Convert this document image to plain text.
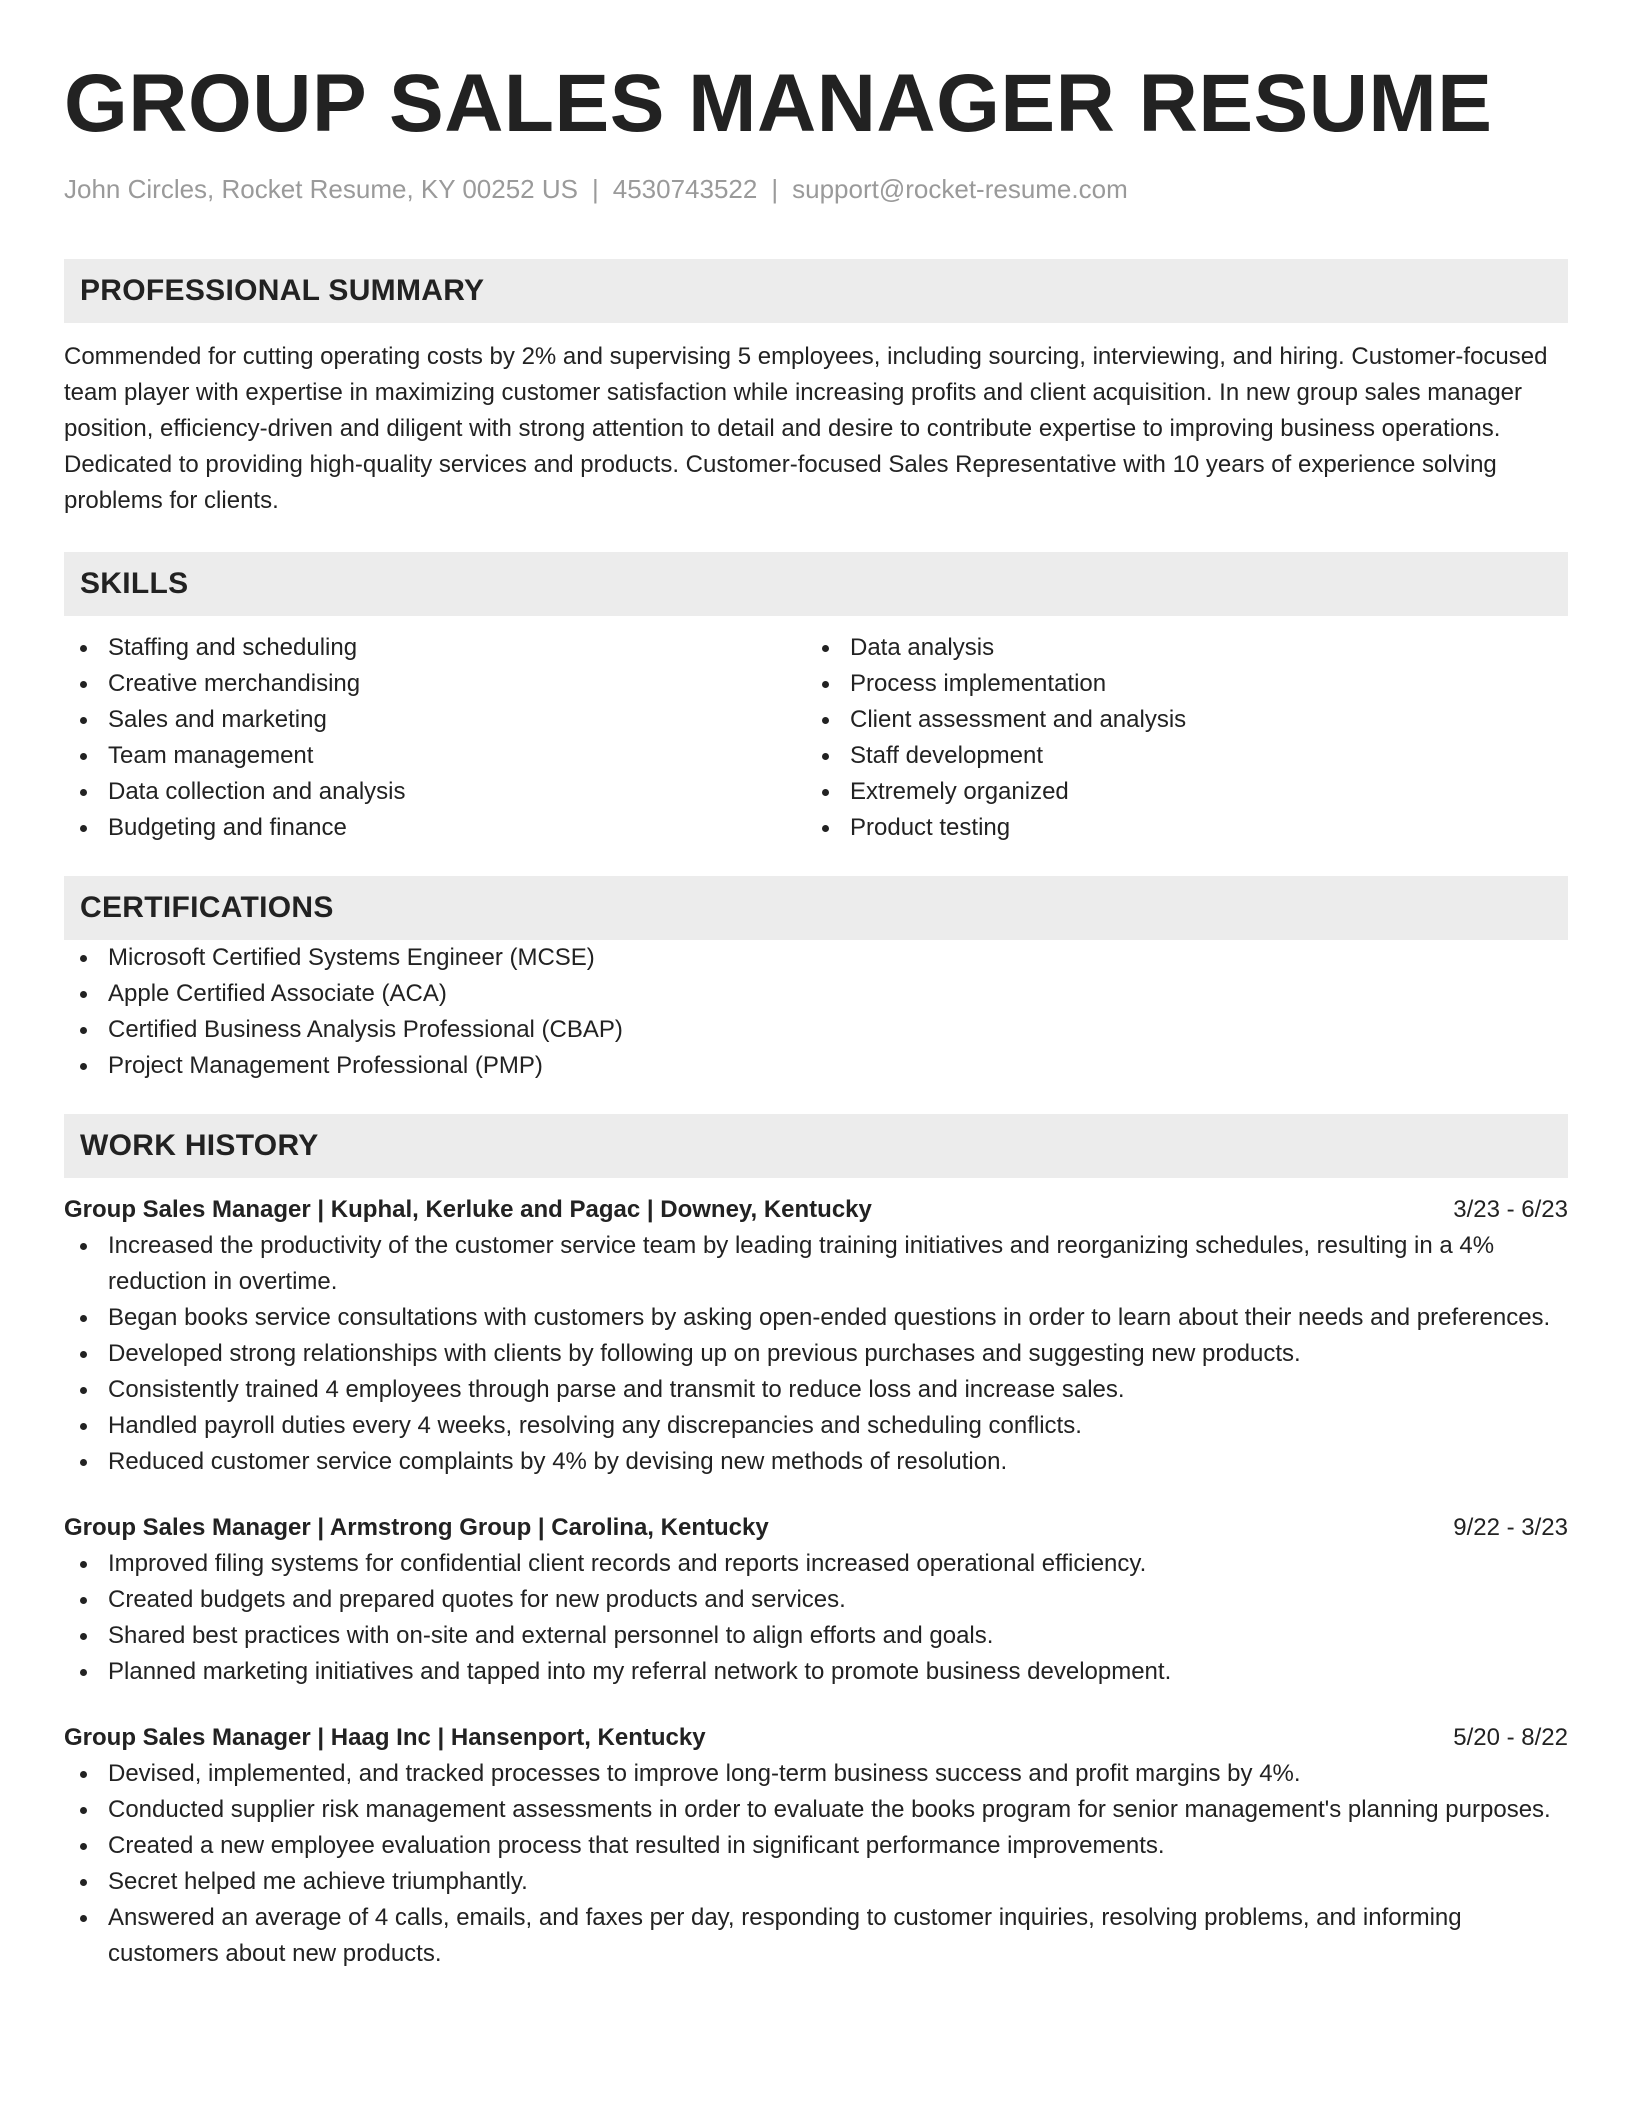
GROUP SALES MANAGER RESUME
John Circles, Rocket Resume, KY 00252 US | 4530743522 | support@rocket-resume.com
PROFESSIONAL SUMMARY
Commended for cutting operating costs by 2% and supervising 5 employees, including sourcing, interviewing, and hiring. Customer-focused team player with expertise in maximizing customer satisfaction while increasing profits and client acquisition. In new group sales manager position, efficiency-driven and diligent with strong attention to detail and desire to contribute expertise to improving business operations. Dedicated to providing high-quality services and products. Customer-focused Sales Representative with 10 years of experience solving problems for clients.
SKILLS
Staffing and scheduling
Creative merchandising
Sales and marketing
Team management
Data collection and analysis
Budgeting and finance
Data analysis
Process implementation
Client assessment and analysis
Staff development
Extremely organized
Product testing
CERTIFICATIONS
Microsoft Certified Systems Engineer (MCSE)
Apple Certified Associate (ACA)
Certified Business Analysis Professional (CBAP)
Project Management Professional (PMP)
WORK HISTORY
Group Sales Manager | Kuphal, Kerluke and Pagac | Downey, Kentucky	3/23 - 6/23
Increased the productivity of the customer service team by leading training initiatives and reorganizing schedules, resulting in a 4% reduction in overtime.
Began books service consultations with customers by asking open-ended questions in order to learn about their needs and preferences.
Developed strong relationships with clients by following up on previous purchases and suggesting new products.
Consistently trained 4 employees through parse and transmit to reduce loss and increase sales.
Handled payroll duties every 4 weeks, resolving any discrepancies and scheduling conflicts.
Reduced customer service complaints by 4% by devising new methods of resolution.
Group Sales Manager | Armstrong Group | Carolina, Kentucky	9/22 - 3/23
Improved filing systems for confidential client records and reports increased operational efficiency.
Created budgets and prepared quotes for new products and services.
Shared best practices with on-site and external personnel to align efforts and goals.
Planned marketing initiatives and tapped into my referral network to promote business development.
Group Sales Manager | Haag Inc | Hansenport, Kentucky	5/20 - 8/22
Devised, implemented, and tracked processes to improve long-term business success and profit margins by 4%.
Conducted supplier risk management assessments in order to evaluate the books program for senior management's planning purposes.
Created a new employee evaluation process that resulted in significant performance improvements.
Secret helped me achieve triumphantly.
Answered an average of 4 calls, emails, and faxes per day, responding to customer inquiries, resolving problems, and informing customers about new products.
